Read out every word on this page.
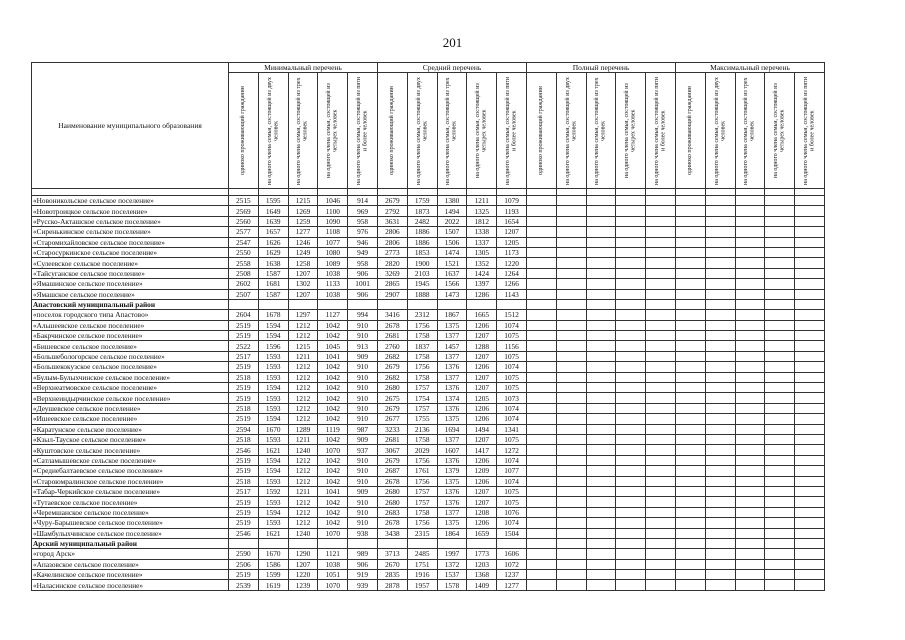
201
Наименование муниципального образования	Минимальный перечень					Средний перечень					Полный перечень					Максимальный перечень				

	одиноко проживающий гражданин	на одного члена семьи, состоящей из двух человек	на одного члена семьи, состоящей из трех человек	на одного члена семьи, состоящей из четырех человек	на одного члена семьи, состоящей из пяти и более человек	одиноко проживающий гражданин	на одного члена семьи, состоящей из двух человек	на одного члена семьи, состоящей из трех человек	на одного члена семьи, состоящей из четырех человек	на одного члена семьи, состоящей из пяти и более человек	одиноко проживающий гражданин	на одного члена семьи, состоящей из двух человек	на одного члена семьи, состоящей из трех человек	на одного члена семьи, состоящей из четырех человек	на одного члена семьи, состоящей из пяти и более человек	одиноко проживающий гражданин	на одного члена семьи, состоящей из двух человек	на одного члена семьи, состоящей из трех человек	на одного члена семьи, состоящей из четырех человек	на одного члена семьи, состоящей из пяти и более человек

«Новоникольское сельское поселение»	2515	1595	1215	1046	914	2679	1759	1380	1211	1079										
«Новотроицкое сельское поселение»	2569	1649	1269	1100	969	2792	1873	1494	1325	1193										
«Русско-Акташское сельское поселение»	2560	1639	1259	1090	958	3631	2482	2022	1812	1654										
«Сиренькинское сельское поселение»	2577	1657	1277	1108	976	2806	1886	1507	1338	1207										
«Старомихайловское сельское поселение»	2547	1626	1246	1077	946	2806	1886	1506	1337	1205										
«Старосуркинское сельское поселение»	2550	1629	1249	1080	949	2773	1853	1474	1305	1173										
«Сулеевское сельское поселение»	2558	1638	1258	1089	958	2820	1900	1521	1352	1220										
«Тайсуганское сельское поселение»	2508	1587	1207	1038	906	3269	2103	1637	1424	1264										
«Ямашинское сельское поселение»	2602	1681	1302	1133	1001	2865	1945	1566	1397	1266										
«Ямашское сельское поселение»	2507	1587	1207	1038	906	2907	1888	1473	1286	1143										
Апастовский муниципальный район																				
«поселок городского типа Апастово»	2604	1678	1297	1127	994	3416	2312	1867	1665	1512										
«Альшеевское сельское поселение»	2519	1594	1212	1042	910	2678	1756	1375	1206	1074										
«Бакрчинское сельское поселение»	2519	1594	1212	1042	910	2681	1758	1377	1207	1075										
«Бишевское сельское поселение»	2522	1596	1215	1045	913	2760	1837	1457	1288	1156										
«Большебологорское сельское поселение»	2517	1593	1211	1041	909	2682	1758	1377	1207	1075										
«Большекокузское сельское поселение»	2519	1593	1212	1042	910	2679	1756	1376	1206	1074										
«Булым-Булыхчинское сельское поселение»	2518	1593	1212	1042	910	2682	1758	1377	1207	1075										
«Верхнеатмовское сельское поселение»	2519	1594	1212	1042	910	2680	1757	1376	1207	1075										
«Верхнеиндырчинское сельское поселение»	2519	1593	1212	1042	910	2675	1754	1374	1205	1073										
«Деушевское сельское поселение»	2518	1593	1212	1042	910	2679	1757	1376	1206	1074										
«Ишеевское сельское поселение»	2519	1594	1212	1042	910	2677	1755	1375	1206	1074										
«Каратунское сельское поселение»	2594	1670	1289	1119	987	3233	2136	1694	1494	1341										
«Кзыл-Тауское сельское поселение»	2518	1593	1211	1042	909	2681	1758	1377	1207	1075										
«Куштовское сельское поселение»	2546	1621	1240	1070	937	3067	2029	1607	1417	1272										
«Сатламышевское сельское поселение»	2519	1594	1212	1042	910	2679	1756	1376	1206	1074										
«Средиебалтаевское сельское поселение»	2519	1594	1212	1042	910	2687	1761	1379	1209	1077										
«Староюмралинское сельское поселение»	2518	1593	1212	1042	910	2678	1756	1375	1206	1074										
«Табар-Черкийское сельское поселение»	2517	1592	1211	1041	909	2680	1757	1376	1207	1075										
«Тутаевское сельское поселение»	2519	1593	1212	1042	910	2680	1757	1376	1207	1075										
«Черемшанское сельское поселение»	2519	1594	1212	1042	910	2683	1758	1377	1208	1076										
«Чуру-Барышевское сельское поселение»	2519	1593	1212	1042	910	2678	1756	1375	1206	1074										
«Шамбулыхчинское сельское поселение»	2546	1621	1240	1070	938	3438	2315	1864	1659	1504										
Арский муниципальный район																				
«город Арск»	2590	1670	1290	1121	989	3713	2485	1997	1773	1606										
«Апазовское сельское поселение»	2506	1586	1207	1038	906	2670	1751	1372	1203	1072										
«Качелинское сельское поселение»	2519	1599	1220	1051	919	2835	1916	1537	1368	1237										
«Наласинское сельское поселение»	2539	1619	1239	1070	939	2878	1957	1578	1409	1277										
